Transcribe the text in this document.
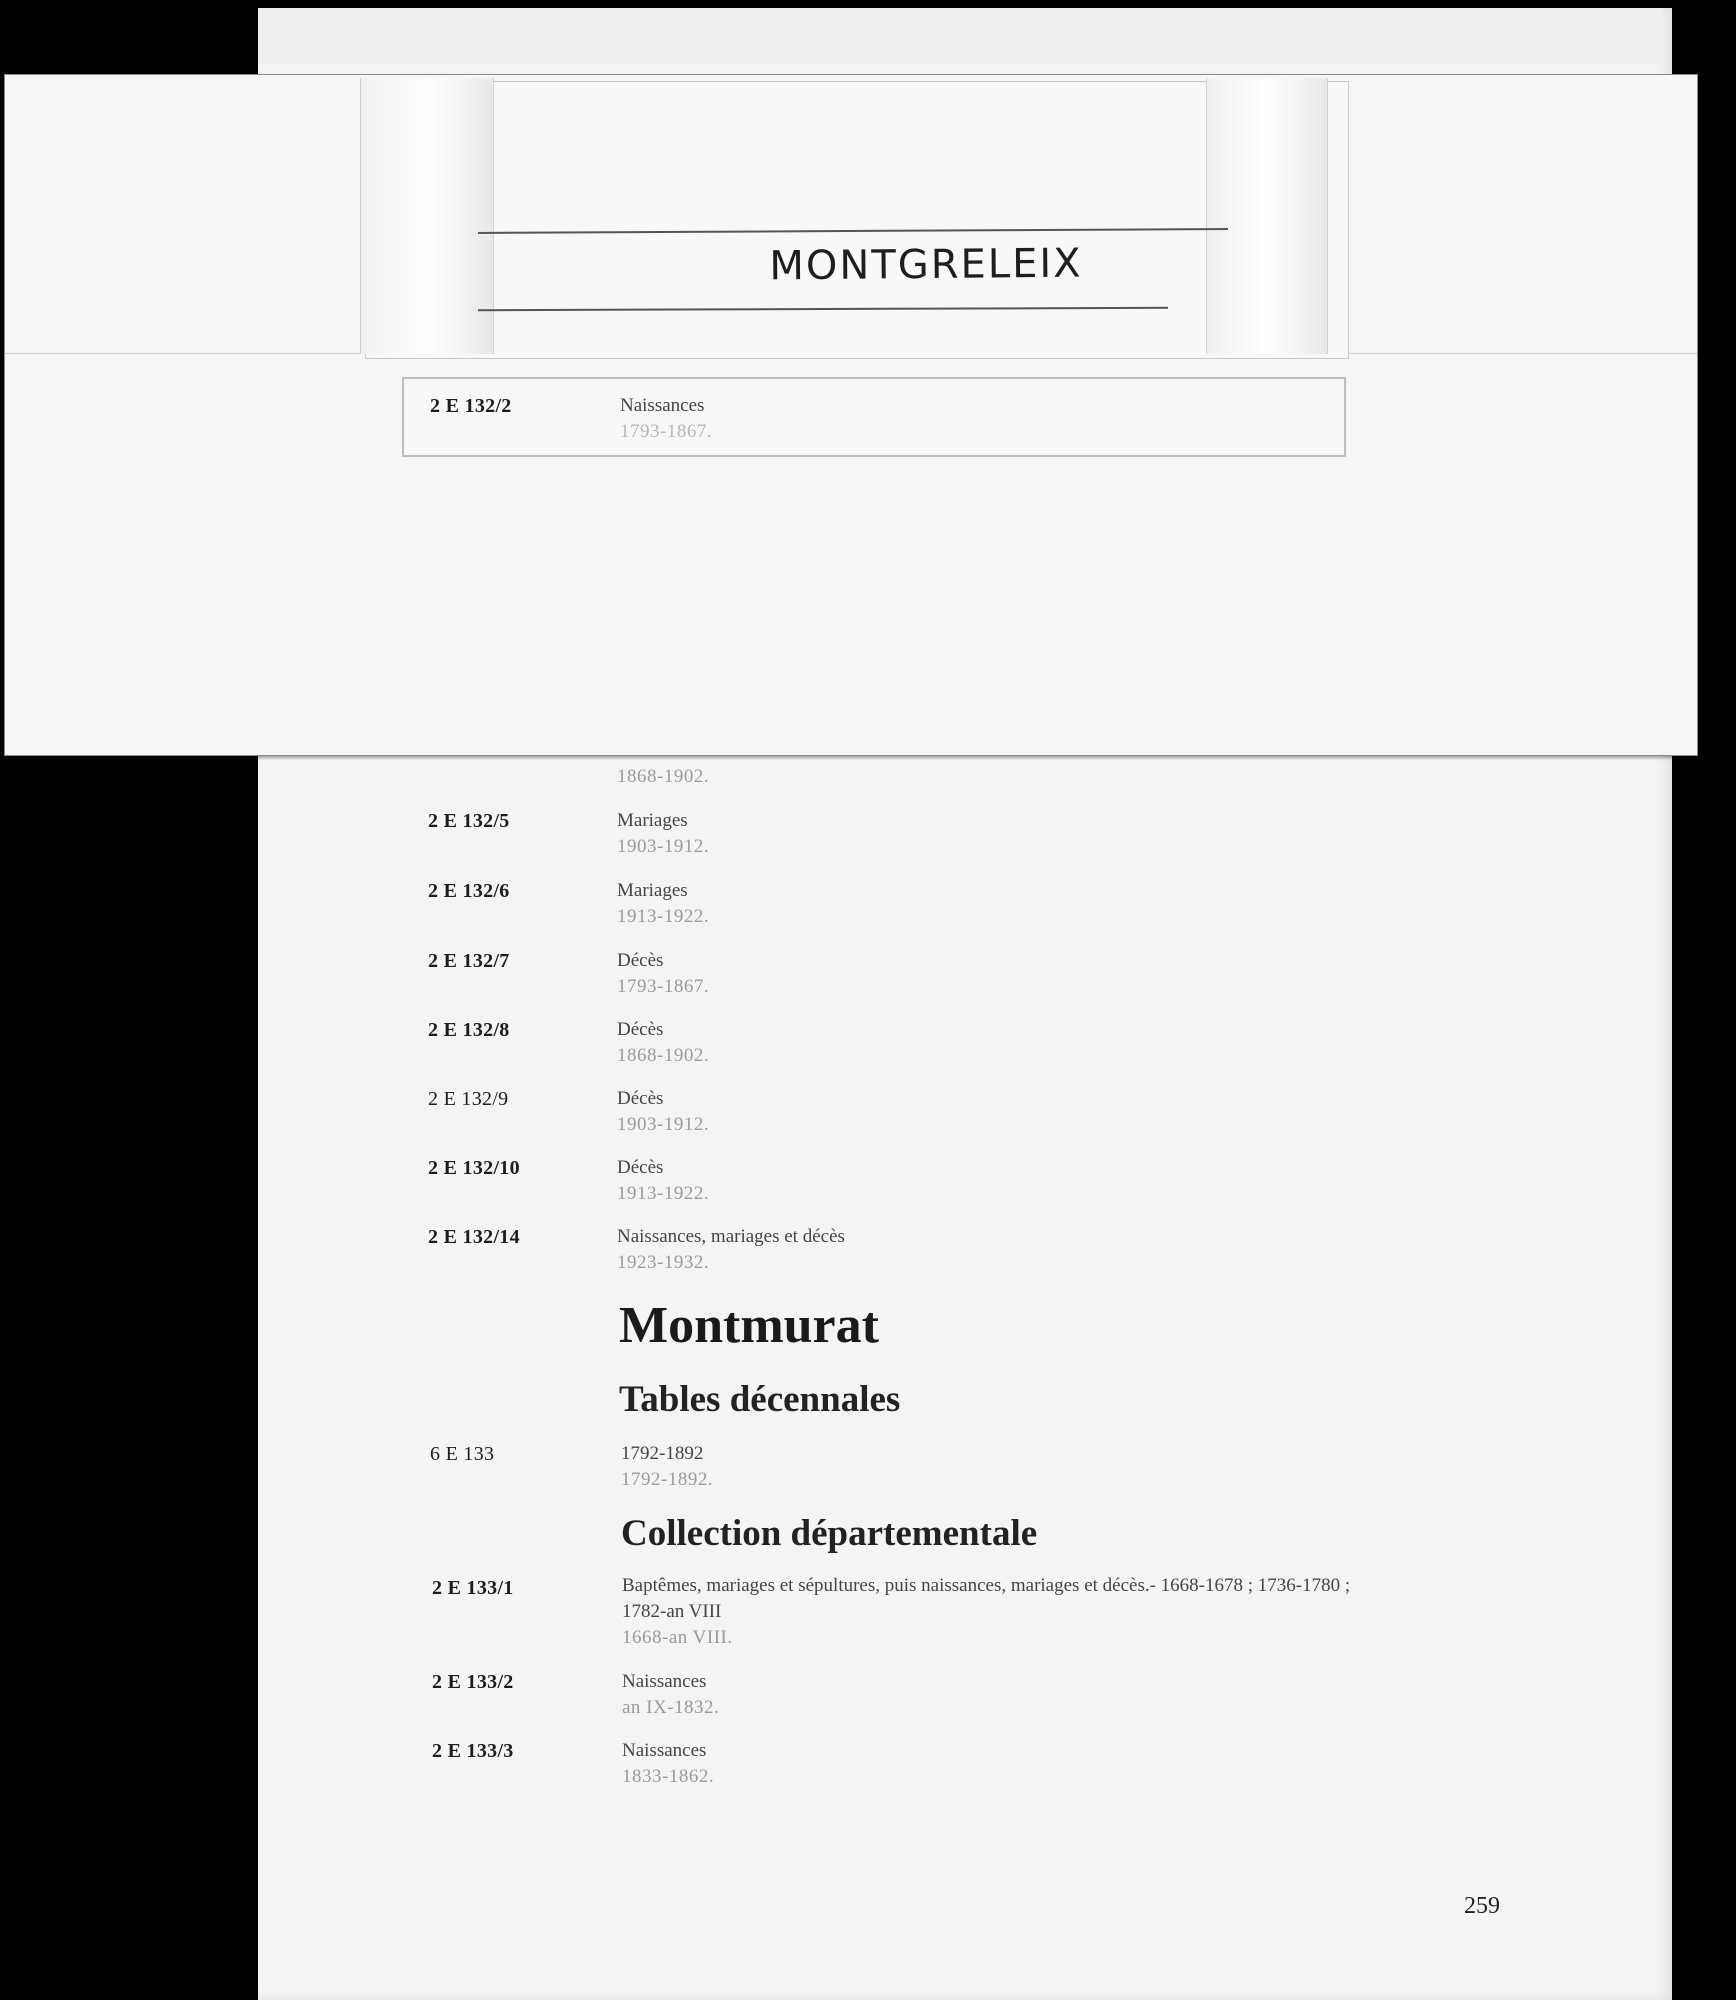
1868-1902.
2 E 132/5	Mariages
1903-1912.
2 E 132/6	Mariages
1913-1922.
2 E 132/7	Décès
1793-1867.
2 E 132/8	Décès
1868-1902.
2 E 132/9	Décès
1903-1912.
2 E 132/10	Décès
1913-1922.
2 E 132/14	Naissances, mariages et décès
1923-1932.
Montmurat
Tables décennales
6 E 133	1792-1892
1792-1892.
Collection départementale
2 E 133/1	Baptêmes, mariages et sépultures, puis naissances, mariages et décès.- 1668-1678 ; 1736-1780 ;
1782-an VIII
1668-an VIII.
2 E 133/2	Naissances
an IX-1832.
2 E 133/3	Naissances
1833-1862.
259
MONTGRELEIX
2 E 132/2	Naissances
1793-1867.
